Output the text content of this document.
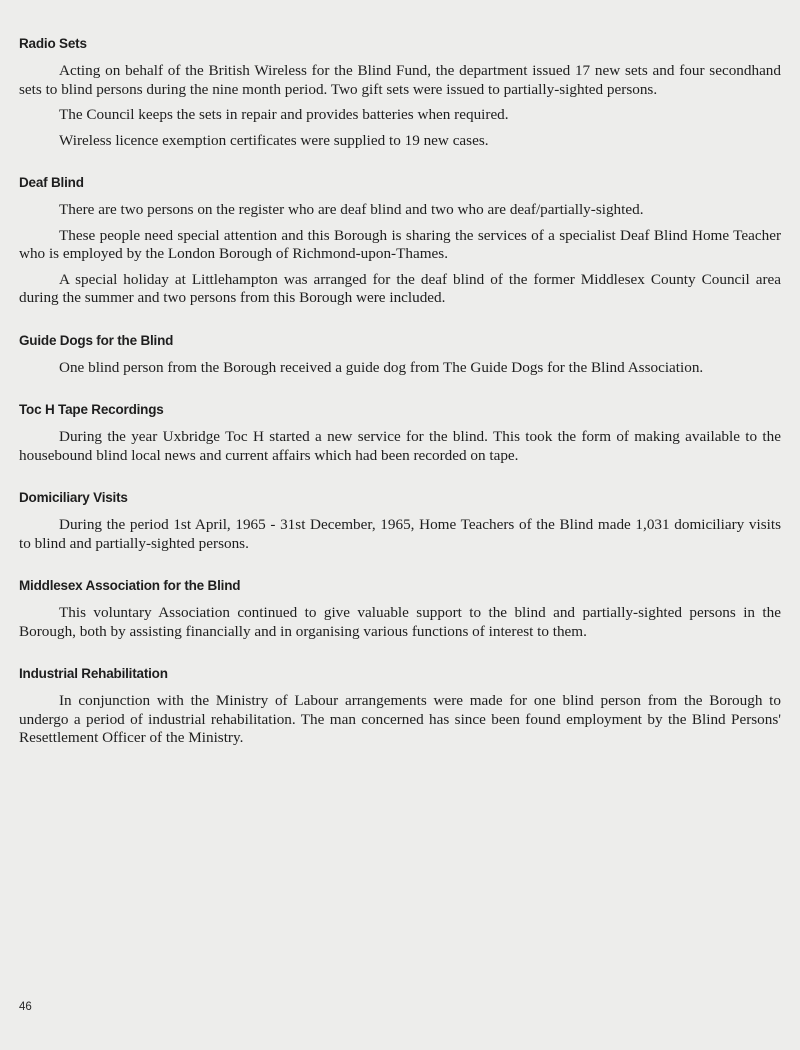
Radio Sets

Acting on behalf of the British Wireless for the Blind Fund, the department issued 17 new sets and four secondhand sets to blind persons during the nine month period. Two gift sets were issued to partially-sighted persons.

The Council keeps the sets in repair and provides batteries when required.

Wireless licence exemption certificates were supplied to 19 new cases.

Deaf Blind

There are two persons on the register who are deaf blind and two who are deaf/partially-sighted.

These people need special attention and this Borough is sharing the services of a specialist Deaf Blind Home Teacher who is employed by the London Borough of Richmond-upon-Thames.

A special holiday at Littlehampton was arranged for the deaf blind of the former Middlesex County Council area during the summer and two persons from this Borough were included.

Guide Dogs for the Blind

One blind person from the Borough received a guide dog from The Guide Dogs for the Blind Association.

Toc H Tape Recordings

During the year Uxbridge Toc H started a new service for the blind. This took the form of making available to the housebound blind local news and current affairs which had been recorded on tape.

Domiciliary Visits

During the period 1st April, 1965 - 31st December, 1965, Home Teachers of the Blind made 1,031 domiciliary visits to blind and partially-sighted persons.

Middlesex Association for the Blind

This voluntary Association continued to give valuable support to the blind and partially-sighted persons in the Borough, both by assisting financially and in organising various functions of interest to them.

Industrial Rehabilitation

In conjunction with the Ministry of Labour arrangements were made for one blind person from the Borough to undergo a period of industrial rehabilitation. The man concerned has since been found employment by the Blind Persons' Resettlement Officer of the Ministry.

46
